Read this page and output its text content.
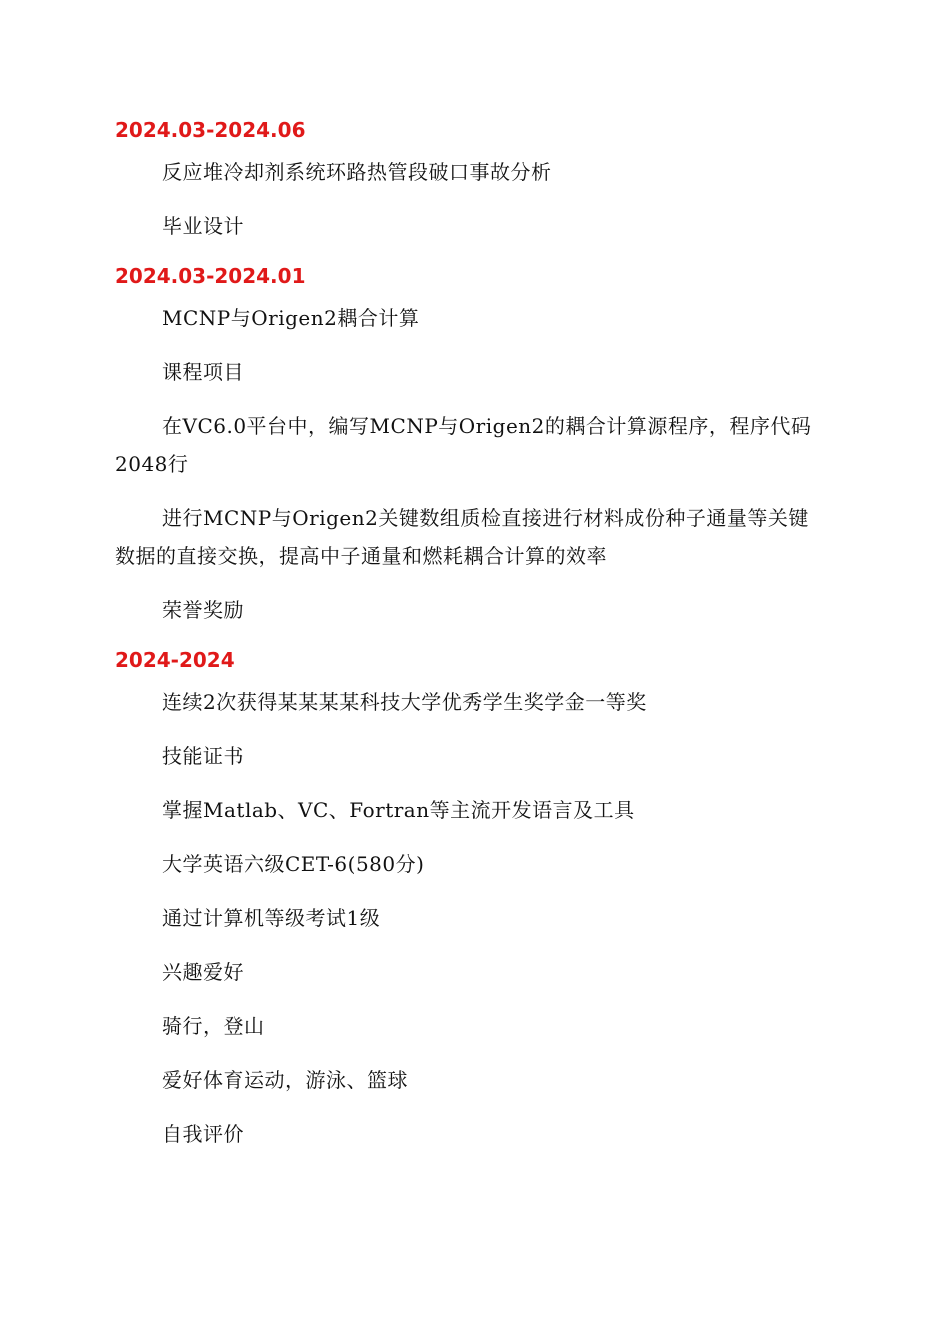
2024.03-2024.06
反应堆冷却剂系统环路热管段破口事故分析
毕业设计
2024.03-2024.01
MCNP与Origen2耦合计算
课程项目
在VC6.0平台中，编写MCNP与Origen2的耦合计算源程序，程序代码2048行
进行MCNP与Origen2关键数组质检直接进行材料成份种子通量等关键数据的直接交换，提高中子通量和燃耗耦合计算的效率
荣誉奖励
2024-2024
连续2次获得某某某某科技大学优秀学生奖学金一等奖
技能证书
掌握Matlab、VC、Fortran等主流开发语言及工具
大学英语六级CET-6(580分)
通过计算机等级考试1级
兴趣爱好
骑行，登山
爱好体育运动，游泳、篮球
自我评价
